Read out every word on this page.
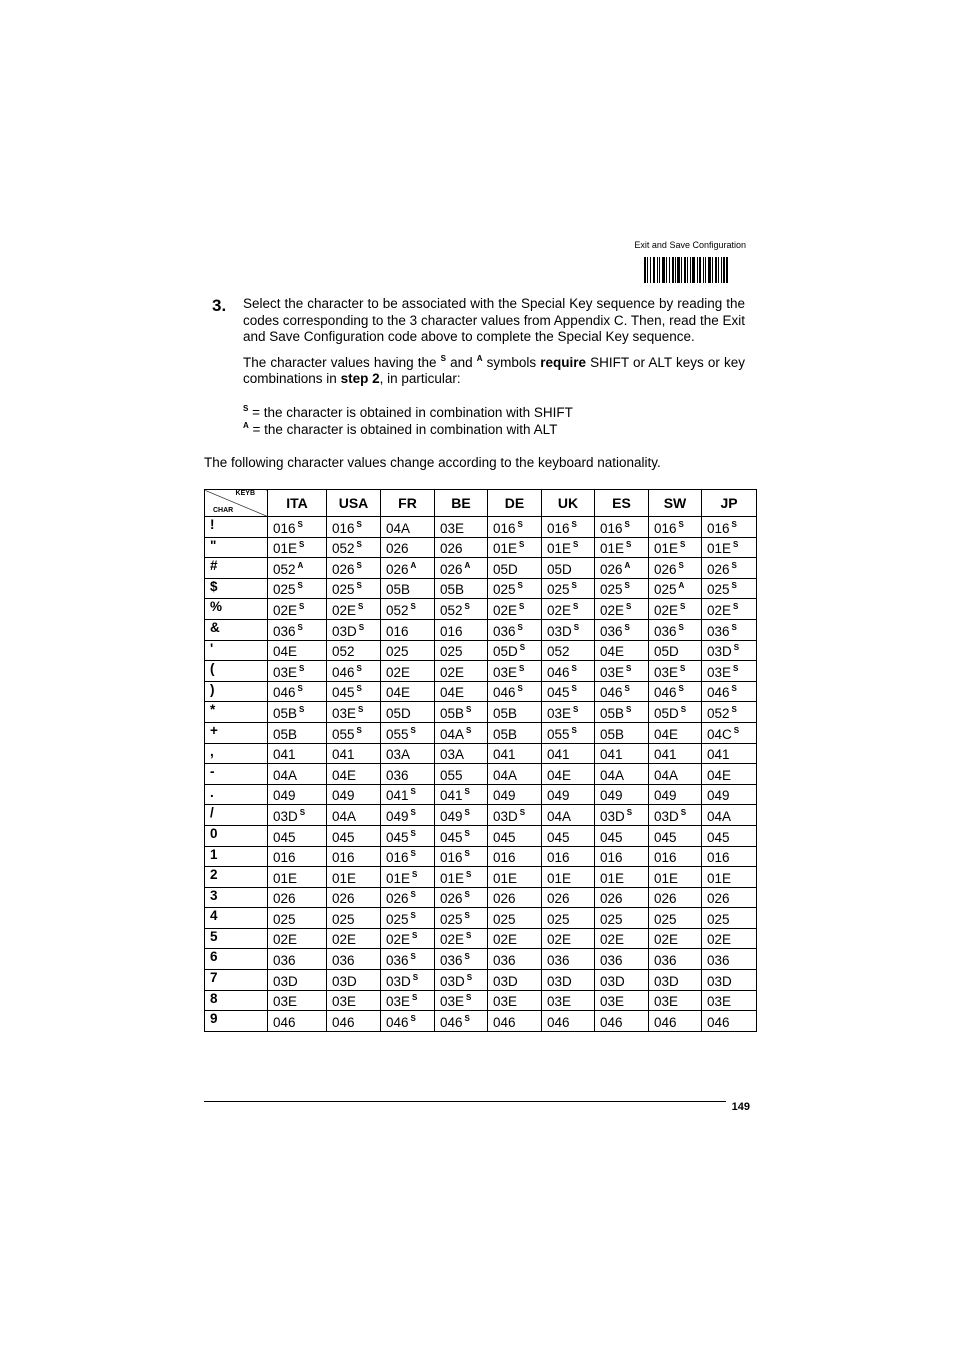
Exit and Save Configuration
3. Select the character to be associated with the Special Key sequence by reading the codes corresponding to the 3 character values from Appendix C. Then, read the Exit and Save Configuration code above to complete the Special Key sequence.

The character values having the $^S$ and $^A$ symbols require SHIFT or ALT keys or key combinations in step 2, in particular:

$^S$ = the character is obtained in combination with SHIFT
$^A$ = the character is obtained in combination with ALT
The following character values change according to the keyboard nationality.
KEYB
CHAR	ITA	USA	FR	BE	DE	UK	ES	SW	JP
!	016 $^S$	016 $^S$	04A	03E	016 $^S$	016 $^S$	016 $^S$	016 $^S$	016 $^S$
"	01E $^S$	052 $^S$	026	026	01E $^S$	01E $^S$	01E $^S$	01E $^S$	01E $^S$
#	052 $^A$	026 $^S$	026 $^A$	026 $^A$	05D	05D	026 $^A$	026 $^S$	026 $^S$
$	025 $^S$	025 $^S$	05B	05B	025 $^S$	025 $^S$	025 $^S$	025 $^A$	025 $^S$
%	02E $^S$	02E $^S$	052 $^S$	052 $^S$	02E $^S$	02E $^S$	02E $^S$	02E $^S$	02E $^S$
&	036 $^S$	03D $^S$	016	016	036 $^S$	03D $^S$	036 $^S$	036 $^S$	036 $^S$
'	04E	052	025	025	05D $^S$	052	04E	05D	03D $^S$
(	03E $^S$	046 $^S$	02E	02E	03E $^S$	046 $^S$	03E $^S$	03E $^S$	03E $^S$
)	046 $^S$	045 $^S$	04E	04E	046 $^S$	045 $^S$	046 $^S$	046 $^S$	046 $^S$
*	05B $^S$	03E $^S$	05D	05B $^S$	05B	03E $^S$	05B $^S$	05D $^S$	052 $^S$
+	05B	055 $^S$	055 $^S$	04A $^S$	05B	055 $^S$	05B	04E	04C $^S$
,	041	041	03A	03A	041	041	041	041	041
-	04A	04E	036	055	04A	04E	04A	04A	04E
.	049	049	041 $^S$	041 $^S$	049	049	049	049	049
/	03D $^S$	04A	049 $^S$	049 $^S$	03D $^S$	04A	03D $^S$	03D $^S$	04A
0	045	045	045 $^S$	045 $^S$	045	045	045	045	045
1	016	016	016 $^S$	016 $^S$	016	016	016	016	016
2	01E	01E	01E $^S$	01E $^S$	01E	01E	01E	01E	01E
3	026	026	026 $^S$	026 $^S$	026	026	026	026	026
4	025	025	025 $^S$	025 $^S$	025	025	025	025	025
5	02E	02E	02E $^S$	02E $^S$	02E	02E	02E	02E	02E
6	036	036	036 $^S$	036 $^S$	036	036	036	036	036
7	03D	03D	03D $^S$	03D $^S$	03D	03D	03D	03D	03D
8	03E	03E	03E $^S$	03E $^S$	03E	03E	03E	03E	03E
9	046	046	046 $^S$	046 $^S$	046	046	046	046	046
149
